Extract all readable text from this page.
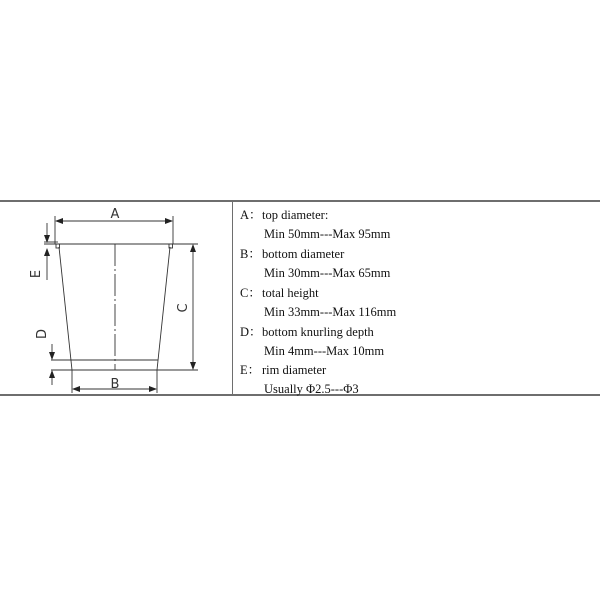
A
B
C
D
E
A：top diameter:
Min 50mm---Max 95mm
B：bottom diameter
Min 30mm---Max 65mm
C：total height
Min 33mm---Max 116mm
D：bottom knurling depth
Min 4mm---Max 10mm
E： rim diameter
Usually Φ2.5---Φ3
